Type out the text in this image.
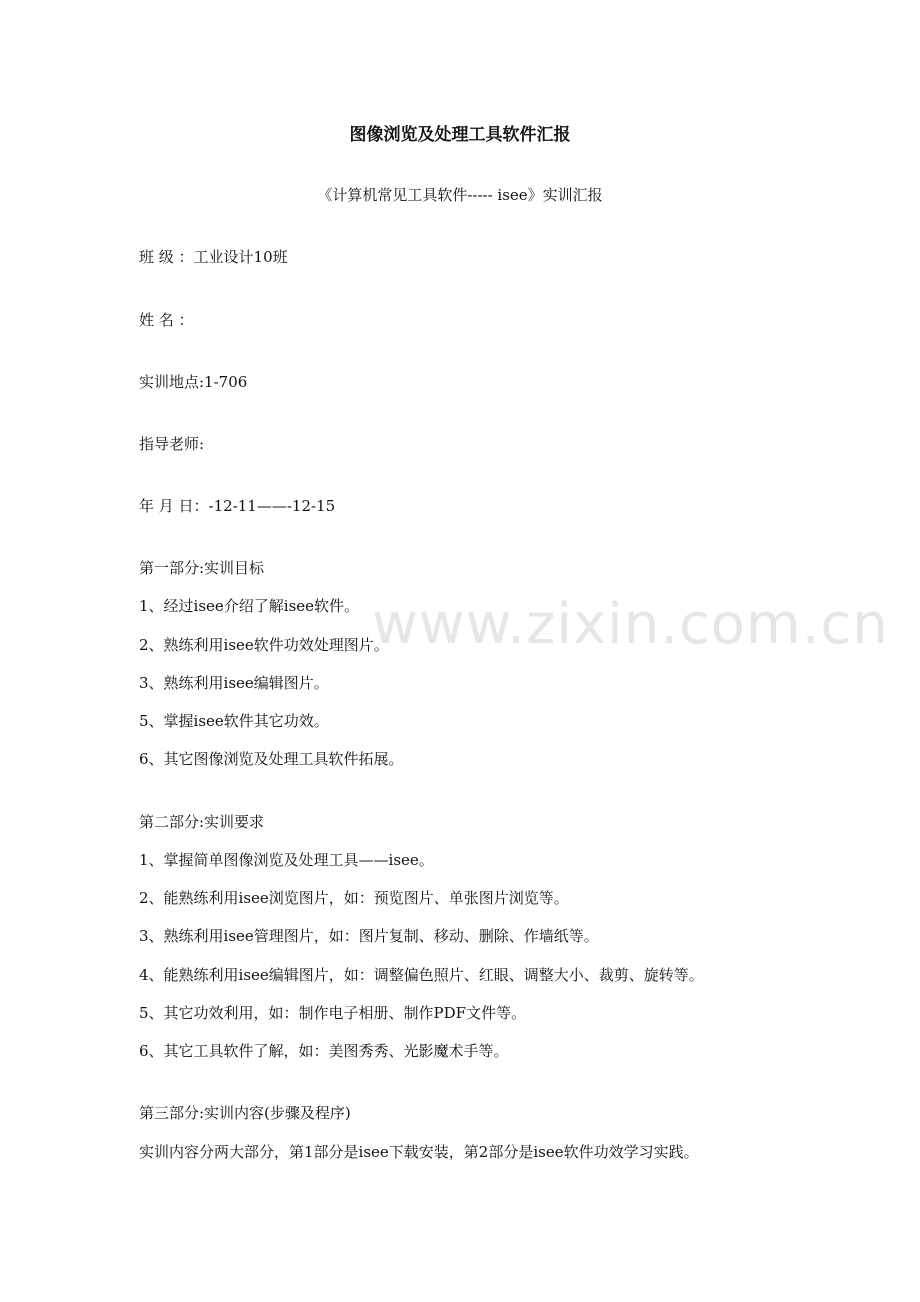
www.zixin.com.cn
图像浏览及处理工具软件汇报
《计算机常见工具软件----- isee》实训汇报
班 级 ：工业设计10班
姓 名 ：
实训地点:1-706
指导老师:
年 月 日：-12-11——-12-15
第一部分:实训目标
1、经过isee介绍了解isee软件。
2、熟练利用isee软件功效处理图片。
3、熟练利用isee编辑图片。
5、掌握isee软件其它功效。
6、其它图像浏览及处理工具软件拓展。
第二部分:实训要求
1、掌握简单图像浏览及处理工具——isee。
2、能熟练利用isee浏览图片，如：预览图片、单张图片浏览等。
3、熟练利用isee管理图片，如：图片复制、移动、删除、作墙纸等。
4、能熟练利用isee编辑图片，如：调整偏色照片、红眼、调整大小、裁剪、旋转等。
5、其它功效利用，如：制作电子相册、制作PDF文件等。
6、其它工具软件了解，如：美图秀秀、光影魔术手等。
第三部分:实训内容(步骤及程序)
实训内容分两大部分，第1部分是isee下载安装，第2部分是isee软件功效学习实践。
